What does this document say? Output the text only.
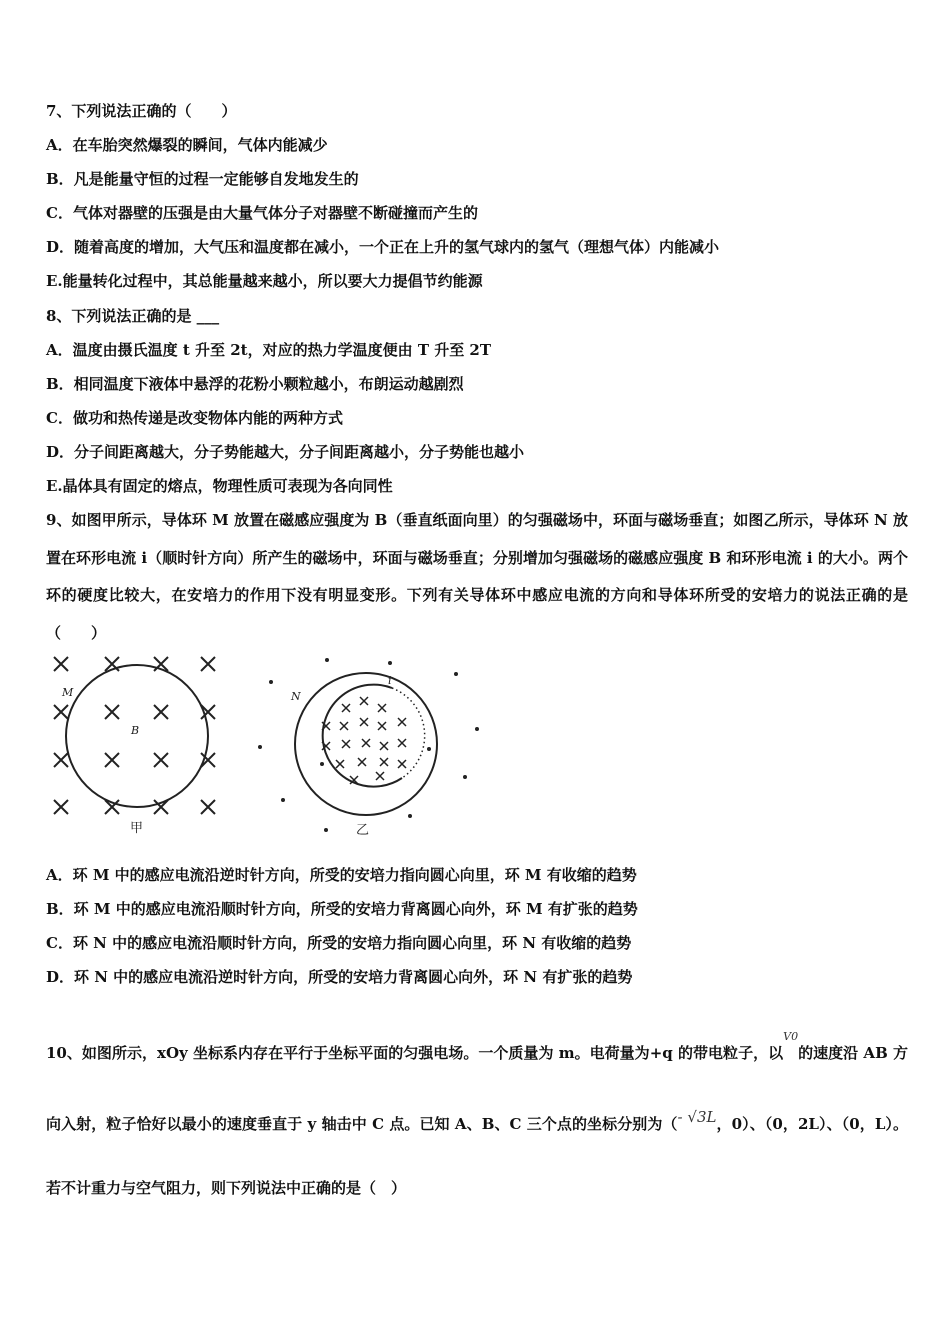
7、下列说法正确的（　　）
A．在车胎突然爆裂的瞬间，气体内能减少
B．凡是能量守恒的过程一定能够自发地发生的
C．气体对器壁的压强是由大量气体分子对器壁不断碰撞而产生的
D．随着高度的增加，大气压和温度都在减小，一个正在上升的氢气球内的氢气（理想气体）内能减小
E.能量转化过程中，其总能量越来越小，所以要大力提倡节约能源
8、下列说法正确的是 ___
A．温度由摄氏温度 t 升至 2t，对应的热力学温度便由 T 升至 2T
B．相同温度下液体中悬浮的花粉小颗粒越小，布朗运动越剧烈
C．做功和热传递是改变物体内能的两种方式
D．分子间距离越大，分子势能越大，分子间距离越小，分子势能也越小
E.晶体具有固定的熔点，物理性质可表现为各向同性
9、如图甲所示，导体环 M 放置在磁感应强度为 B（垂直纸面向里）的匀强磁场中，环面与磁场垂直；如图乙所示，导体环 N 放置在环形电流 i（顺时针方向）所产生的磁场中，环面与磁场垂直；分别增加匀强磁场的磁感应强度 B 和环形电流 i 的大小。两个环的硬度比较大，在安培力的作用下没有明显变形。下列有关导体环中感应电流的方向和导体环所受的安培力的说法正确的是（　　）
M
B
甲
N
i
乙
A．环 M 中的感应电流沿逆时针方向，所受的安培力指向圆心向里，环 M 有收缩的趋势
B．环 M 中的感应电流沿顺时针方向，所受的安培力背离圆心向外，环 M 有扩张的趋势
C．环 N 中的感应电流沿顺时针方向，所受的安培力指向圆心向里，环 N 有收缩的趋势
D．环 N 中的感应电流沿逆时针方向，所受的安培力背离圆心向外，环 N 有扩张的趋势
10、如图所示，xOy 坐标系内存在平行于坐标平面的匀强电场。一个质量为 m。电荷量为+q 的带电粒子，以$^{V0}$的速度沿 AB 方向入射，粒子恰好以最小的速度垂直于 y 轴击中 C 点。已知 A、B、C 三个点的坐标分别为（- √3L，0）、（0，2L）、（0，L）。若不计重力与空气阻力，则下列说法中正确的是（　）
